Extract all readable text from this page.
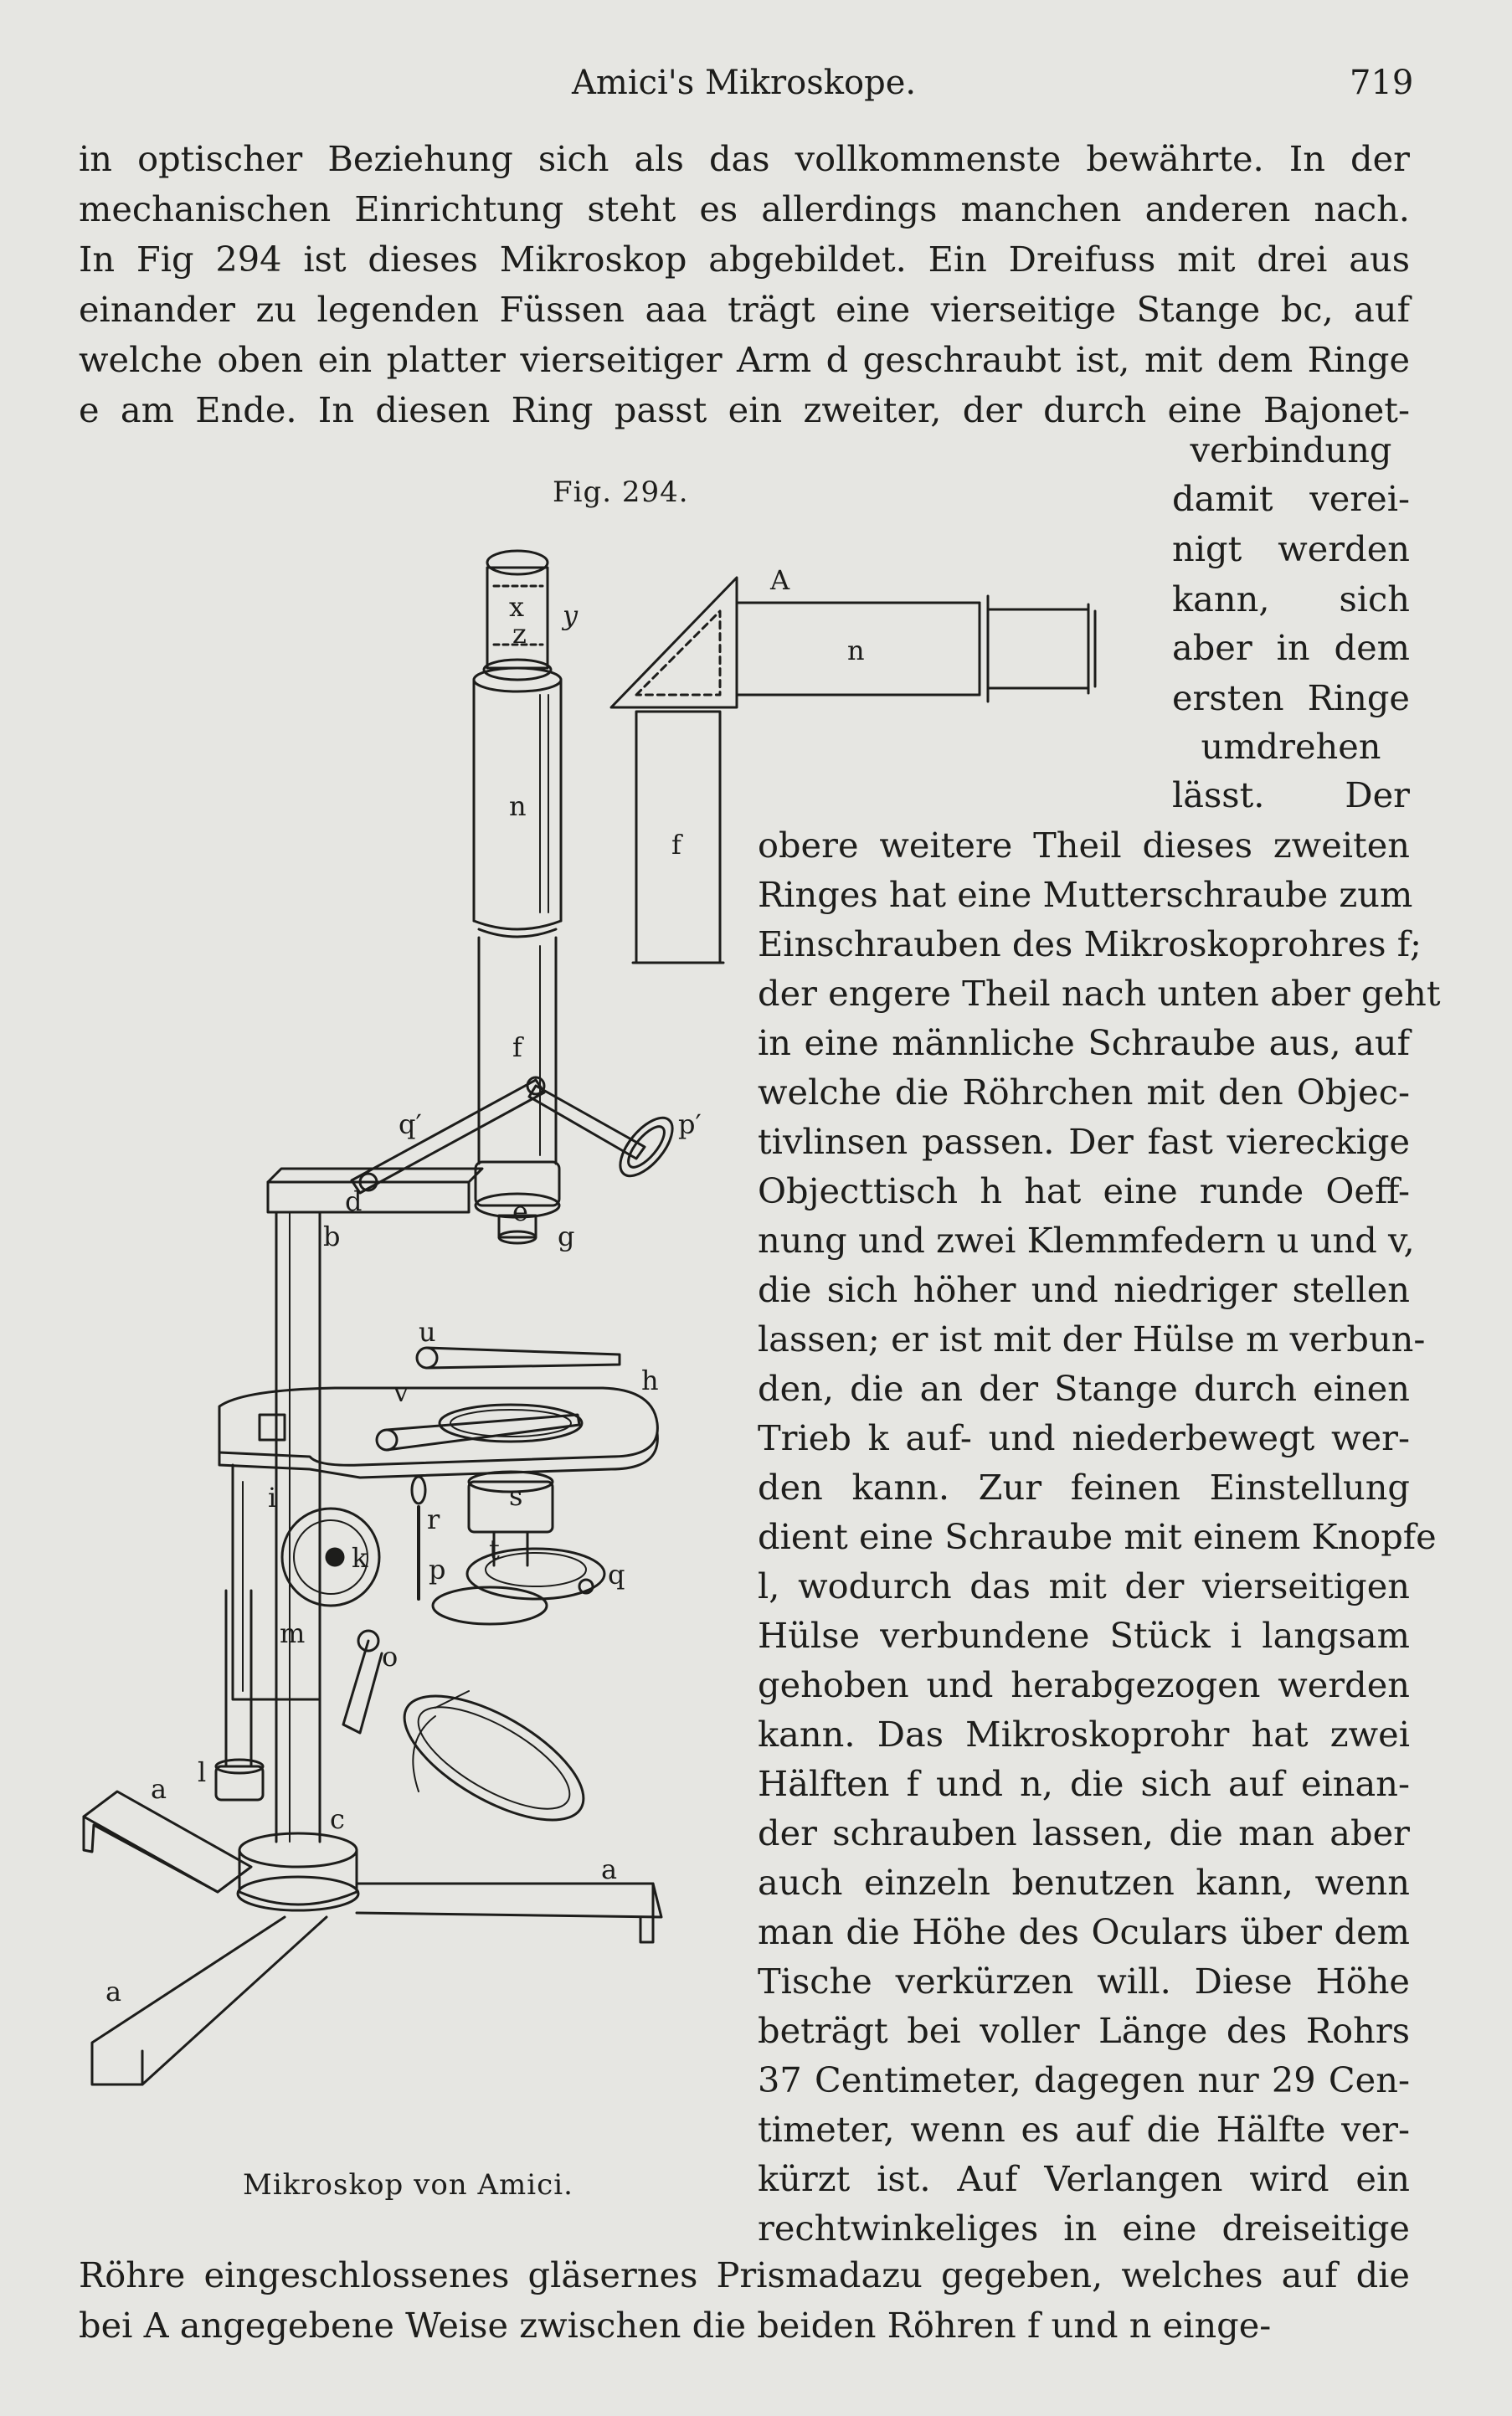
Amici's Mikroskope.	719
in optischer Beziehung sich als das vollkommenste bewährte. In der
mechanischen Einrichtung steht es allerdings manchen anderen nach.
In Fig 294 ist dieses Mikroskop abgebildet. Ein Dreifuss mit drei aus
einander zu legenden Füssen aaa trägt eine vierseitige Stange bc, auf
welche oben ein platter vierseitiger Arm d geschraubt ist, mit dem Ringe
e am Ende. In diesen Ring passt ein zweiter, der durch eine Bajonet-
verbindung
damit verei-
nigt werden
kann, sich
aber in dem
ersten Ringe
umdrehen
lässt. Der
obere weitere Theil dieses zweiten
Ringes hat eine Mutterschraube zum
Einschrauben des Mikroskoprohres f;
der engere Theil nach unten aber geht
in eine männliche Schraube aus, auf
welche die Röhrchen mit den Objec-
tivlinsen passen. Der fast viereckige
Objecttisch h hat eine runde Oeff-
nung und zwei Klemmfedern u und v,
die sich höher und niedriger stellen
lassen; er ist mit der Hülse m verbun-
den, die an der Stange durch einen
Trieb k auf- und niederbewegt wer-
den kann. Zur feinen Einstellung
dient eine Schraube mit einem Knopfe
l, wodurch das mit der vierseitigen
Hülse verbundene Stück i langsam
gehoben und herabgezogen werden
kann. Das Mikroskoprohr hat zwei
Hälften f und n, die sich auf einan-
der schrauben lassen, die man aber
auch einzeln benutzen kann, wenn
man die Höhe des Oculars über dem
Tische verkürzen will. Diese Höhe
beträgt bei voller Länge des Rohrs
37 Centimeter, dagegen nur 29 Cen-
timeter, wenn es auf die Hälfte ver-
kürzt ist. Auf Verlangen wird ein
rechtwinkeliges in eine dreiseitige
Röhre eingeschlossenes gläsernes Prismadazu gegeben, welches auf die
bei A angegebene Weise zwischen die beiden Röhren f und n einge-
Fig. 294.
Mikroskop von Amici.
x
z
y
A
n
n
f
f
q′	p′
d	e
b	g
u
h
v
i	s
k
r
t
p	q
m
o
l
c
a
a
a
